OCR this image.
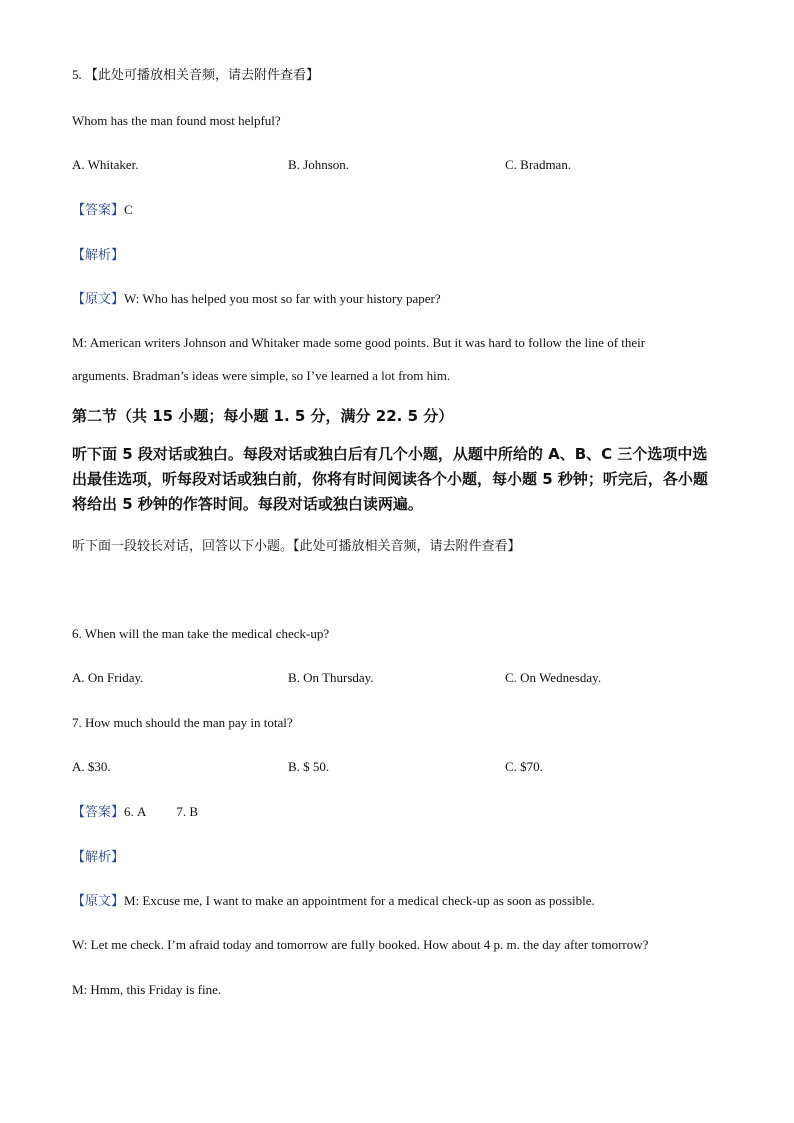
5. 【此处可播放相关音频，请去附件查看】
Whom has the man found most helpful?
A. Whitaker.	B. Johnson.	C. Bradman.
【答案】C
【解析】
【原文】W: Who has helped you most so far with your history paper?
M: American writers Johnson and Whitaker made some good points. But it was hard to follow the line of their
arguments. Bradman’s ideas were simple, so I’ve learned a lot from him.
第二节（共 15 小题；每小题 1. 5 分，满分 22. 5 分）
听下面 5 段对话或独白。每段对话或独白后有几个小题，从题中所给的 A、B、C 三个选项中选出最佳选项，听每段对话或独白前，你将有时间阅读各个小题，每小题 5 秒钟；听完后，各小题将给出 5 秒钟的作答时间。每段对话或独白读两遍。
听下面一段较长对话，回答以下小题。【此处可播放相关音频，请去附件查看】
6. When will the man take the medical check-up?
A. On Friday.	B. On Thursday.	C. On Wednesday.
7. How much should the man pay in total?
A. $30.	B. $ 50.	C. $70.
【答案】6. A 7. B
【解析】
【原文】M: Excuse me, I want to make an appointment for a medical check-up as soon as possible.
W: Let me check. I’m afraid today and tomorrow are fully booked. How about 4 p. m. the day after tomorrow?
M: Hmm, this Friday is fine.
